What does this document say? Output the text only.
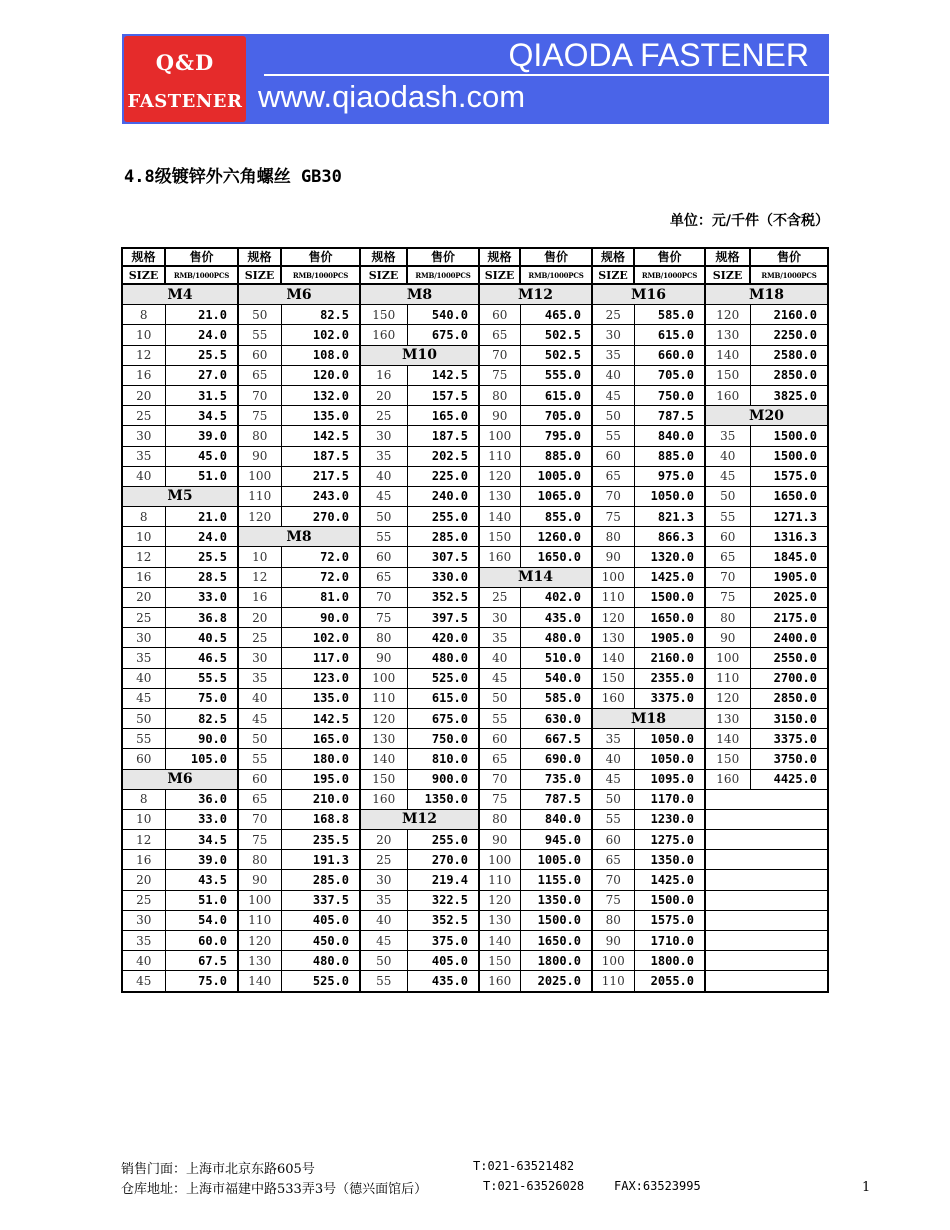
Q&D
FASTENER
QIAODA FASTENER
www.qiaodash.com
4.8级镀锌外六角螺丝 GB30
单位：元/千件（不含税）
规格	售价	规格	售价	规格	售价	规格	售价	规格	售价	规格	售价
SIZE	RMB/1000PCS	SIZE	RMB/1000PCS	SIZE	RMB/1000PCS	SIZE	RMB/1000PCS	SIZE	RMB/1000PCS	SIZE	RMB/1000PCS
M4		M6		M8		M12		M16		M18	
8	21.0	50	82.5	150	540.0	60	465.0	25	585.0	120	2160.0
10	24.0	55	102.0	160	675.0	65	502.5	30	615.0	130	2250.0
12	25.5	60	108.0	M10		70	502.5	35	660.0	140	2580.0
16	27.0	65	120.0	16	142.5	75	555.0	40	705.0	150	2850.0
20	31.5	70	132.0	20	157.5	80	615.0	45	750.0	160	3825.0
25	34.5	75	135.0	25	165.0	90	705.0	50	787.5	M20	
30	39.0	80	142.5	30	187.5	100	795.0	55	840.0	35	1500.0
35	45.0	90	187.5	35	202.5	110	885.0	60	885.0	40	1500.0
40	51.0	100	217.5	40	225.0	120	1005.0	65	975.0	45	1575.0
M5		110	243.0	45	240.0	130	1065.0	70	1050.0	50	1650.0
8	21.0	120	270.0	50	255.0	140	855.0	75	821.3	55	1271.3
10	24.0	M8		55	285.0	150	1260.0	80	866.3	60	1316.3
12	25.5	10	72.0	60	307.5	160	1650.0	90	1320.0	65	1845.0
16	28.5	12	72.0	65	330.0	M14		100	1425.0	70	1905.0
20	33.0	16	81.0	70	352.5	25	402.0	110	1500.0	75	2025.0
25	36.8	20	90.0	75	397.5	30	435.0	120	1650.0	80	2175.0
30	40.5	25	102.0	80	420.0	35	480.0	130	1905.0	90	2400.0
35	46.5	30	117.0	90	480.0	40	510.0	140	2160.0	100	2550.0
40	55.5	35	123.0	100	525.0	45	540.0	150	2355.0	110	2700.0
45	75.0	40	135.0	110	615.0	50	585.0	160	3375.0	120	2850.0
50	82.5	45	142.5	120	675.0	55	630.0	M18		130	3150.0
55	90.0	50	165.0	130	750.0	60	667.5	35	1050.0	140	3375.0
60	105.0	55	180.0	140	810.0	65	690.0	40	1050.0	150	3750.0
M6		60	195.0	150	900.0	70	735.0	45	1095.0	160	4425.0
8	36.0	65	210.0	160	1350.0	75	787.5	50	1170.0		
10	33.0	70	168.8	M12		80	840.0	55	1230.0		
12	34.5	75	235.5	20	255.0	90	945.0	60	1275.0		
16	39.0	80	191.3	25	270.0	100	1005.0	65	1350.0		
20	43.5	90	285.0	30	219.4	110	1155.0	70	1425.0		
25	51.0	100	337.5	35	322.5	120	1350.0	75	1500.0		
30	54.0	110	405.0	40	352.5	130	1500.0	80	1575.0		
35	60.0	120	450.0	45	375.0	140	1650.0	90	1710.0		
40	67.5	130	480.0	50	405.0	150	1800.0	100	1800.0		
45	75.0	140	525.0	55	435.0	160	2025.0	110	2055.0		
销售门面：上海市北京东路605号	T:021-63521482
仓库地址：上海市福建中路533弄3号（德兴面馆后）	T:021-63526028 FAX:63523995	1
